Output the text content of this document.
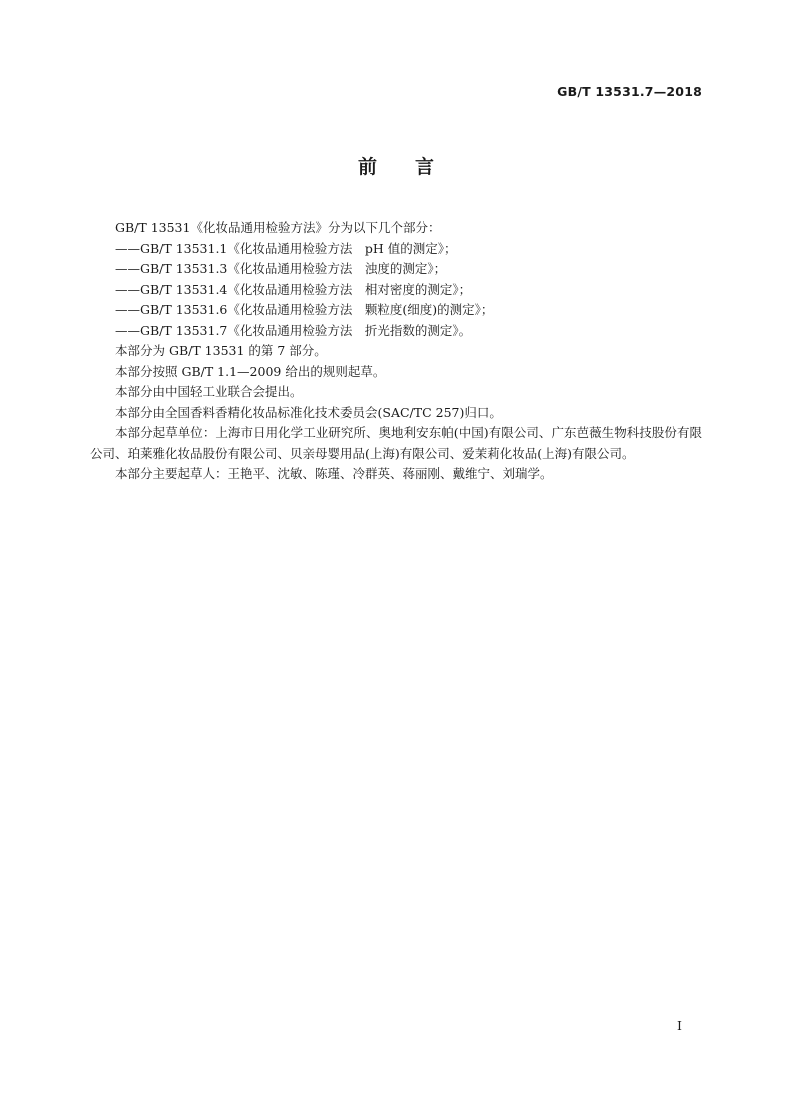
GB/T 13531.7—2018
前　　言

GB/T 13531《化妆品通用检验方法》分为以下几个部分：

——GB/T 13531.1《化妆品通用检验方法　pH 值的测定》；

——GB/T 13531.3《化妆品通用检验方法　浊度的测定》；

——GB/T 13531.4《化妆品通用检验方法　相对密度的测定》；

——GB/T 13531.6《化妆品通用检验方法　颗粒度(细度)的测定》；

——GB/T 13531.7《化妆品通用检验方法　折光指数的测定》。

本部分为 GB/T 13531 的第 7 部分。

本部分按照 GB/T 1.1—2009 给出的规则起草。

本部分由中国轻工业联合会提出。

本部分由全国香料香精化妆品标准化技术委员会(SAC/TC 257)归口。

本部分起草单位：上海市日用化学工业研究所、奥地利安东帕(中国)有限公司、广东芭薇生物科技股份有限公司、珀莱雅化妆品股份有限公司、贝亲母婴用品(上海)有限公司、爱茉莉化妆品(上海)有限公司。

本部分主要起草人：王艳平、沈敏、陈瑾、冷群英、蒋丽刚、戴维宁、刘瑞学。

I
